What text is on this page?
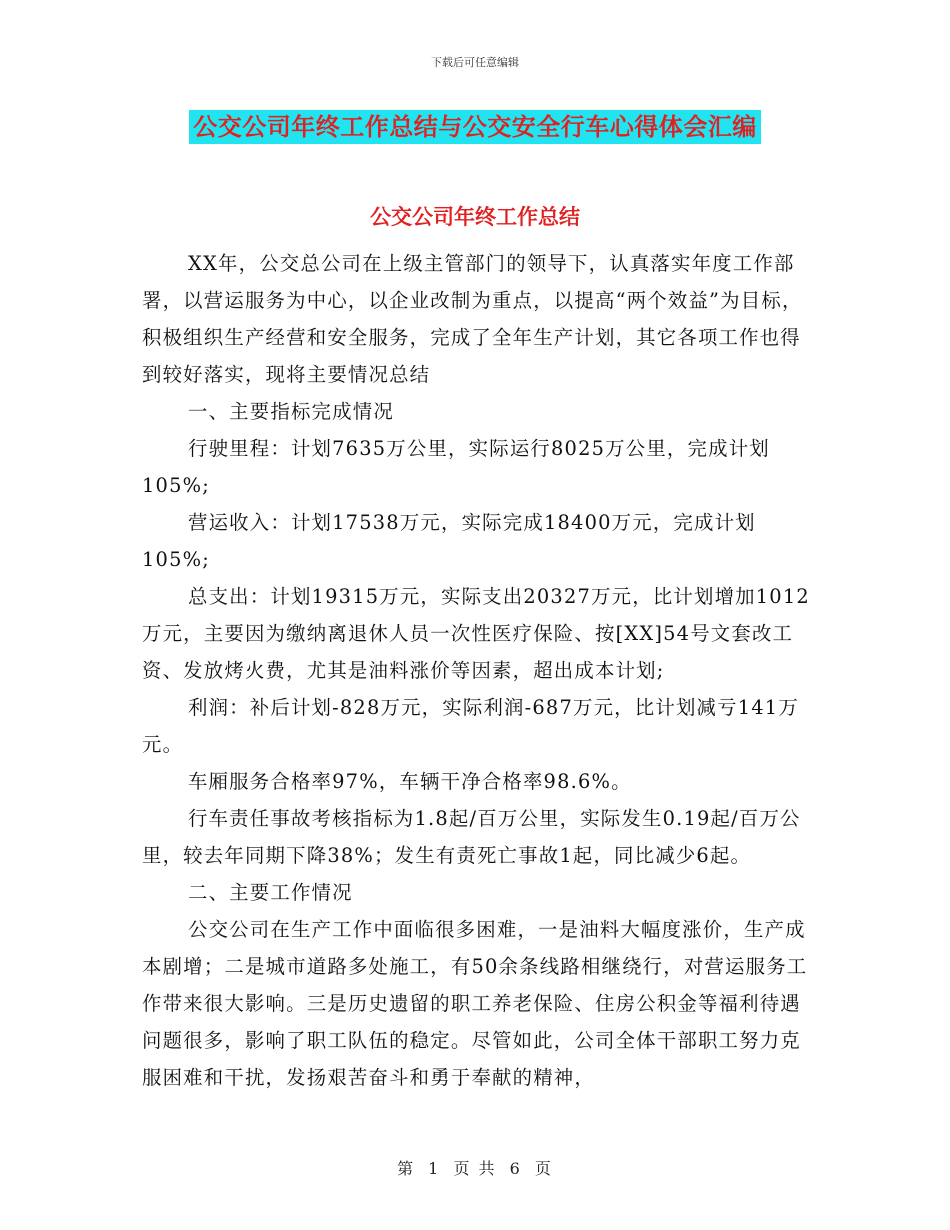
下载后可任意编辑
公交公司年终工作总结与公交安全行车心得体会汇编
公交公司年终工作总结

XX年，公交总公司在上级主管部门的领导下，认真落实年度工作部署，以营运服务为中心，以企业改制为重点，以提高“两个效益”为目标，积极组织生产经营和安全服务，完成了全年生产计划，其它各项工作也得到较好落实，现将主要情况总结

一、主要指标完成情况

行驶里程：计划7635万公里，实际运行8025万公里，完成计划105%;

营运收入：计划17538万元，实际完成18400万元，完成计划105%;

总支出：计划19315万元，实际支出20327万元，比计划增加1012万元，主要因为缴纳离退休人员一次性医疗保险、按[XX]54号文套改工资、发放烤火费，尤其是油料涨价等因素，超出成本计划;

利润：补后计划-828万元，实际利润-687万元，比计划减亏141万元。

车厢服务合格率97%，车辆干净合格率98.6%。

行车责任事故考核指标为1.8起/百万公里，实际发生0.19起/百万公里，较去年同期下降38%；发生有责死亡事故1起，同比减少6起。

二、主要工作情况

公交公司在生产工作中面临很多困难，一是油料大幅度涨价，生产成本剧增；二是城市道路多处施工，有50余条线路相继绕行，对营运服务工作带来很大影响。三是历史遗留的职工养老保险、住房公积金等福利待遇问题很多，影响了职工队伍的稳定。尽管如此，公司全体干部职工努力克服困难和干扰，发扬艰苦奋斗和勇于奉献的精神，

第 1 页 共 6 页
